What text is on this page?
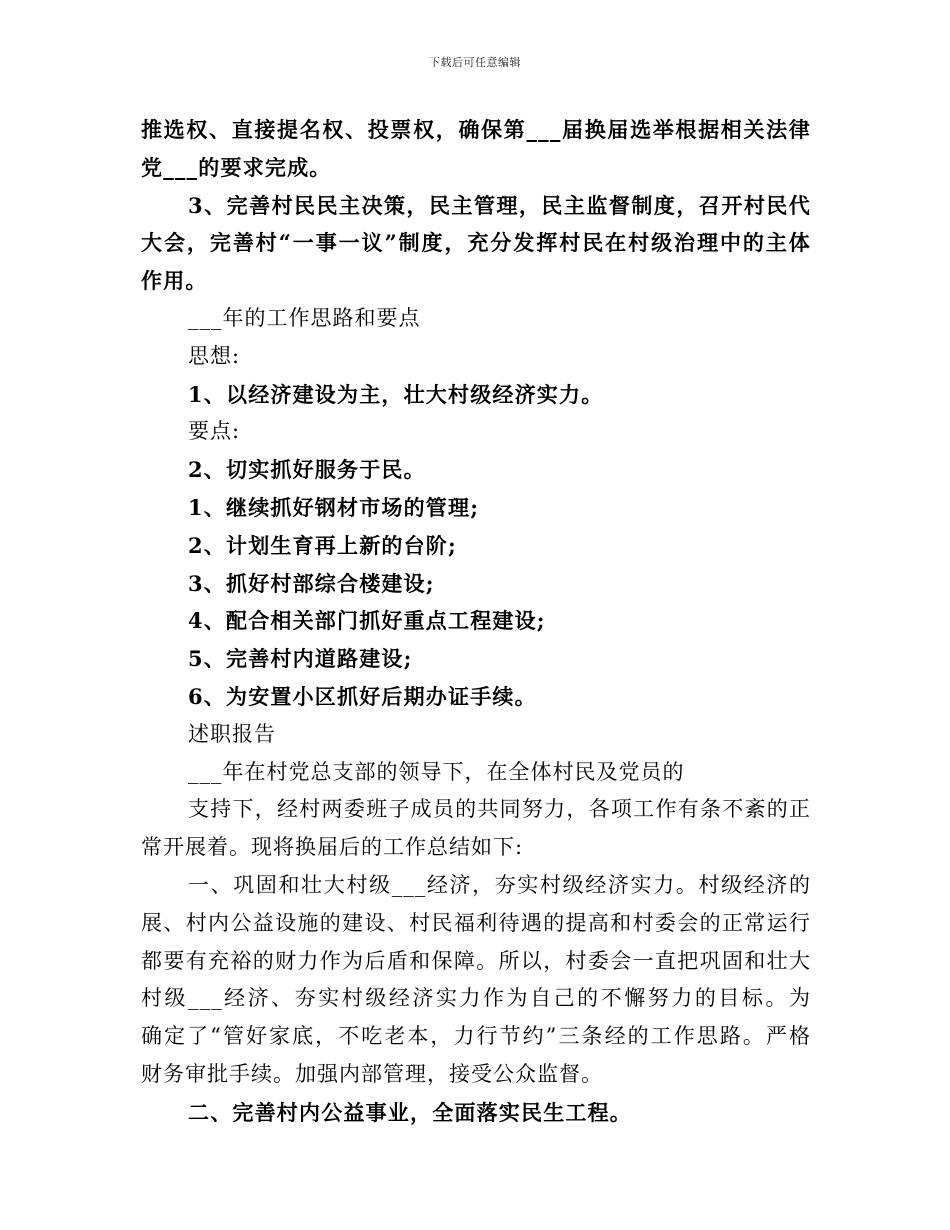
下载后可任意编辑
推选权、直接提名权、投票权，确保第___届换届选举根据相关法律
党___的要求完成。
3、完善村民民主决策，民主管理，民主监督制度，召开村民代
大会，完善村“一事一议”制度，充分发挥村民在村级治理中的主体
作用。
___年的工作思路和要点
思想:
1、以经济建设为主，壮大村级经济实力。
要点:
2、切实抓好服务于民。
1、继续抓好钢材市场的管理;
2、计划生育再上新的台阶;
3、抓好村部综合楼建设;
4、配合相关部门抓好重点工程建设;
5、完善村内道路建设;
6、为安置小区抓好后期办证手续。
述职报告
___年在村党总支部的领导下，在全体村民及党员的
支持下，经村两委班子成员的共同努力，各项工作有条不紊的正
常开展着。现将换届后的工作总结如下:
一、巩固和壮大村级___经济，夯实村级经济实力。村级经济的
展、村内公益设施的建设、村民福利待遇的提高和村委会的正常运行
都要有充裕的财力作为后盾和保障。所以，村委会一直把巩固和壮大
村级___经济、夯实村级经济实力作为自己的不懈努力的目标。为
确定了“管好家底，不吃老本，力行节约”三条经的工作思路。严格
财务审批手续。加强内部管理，接受公众监督。
二、完善村内公益事业，全面落实民生工程。
